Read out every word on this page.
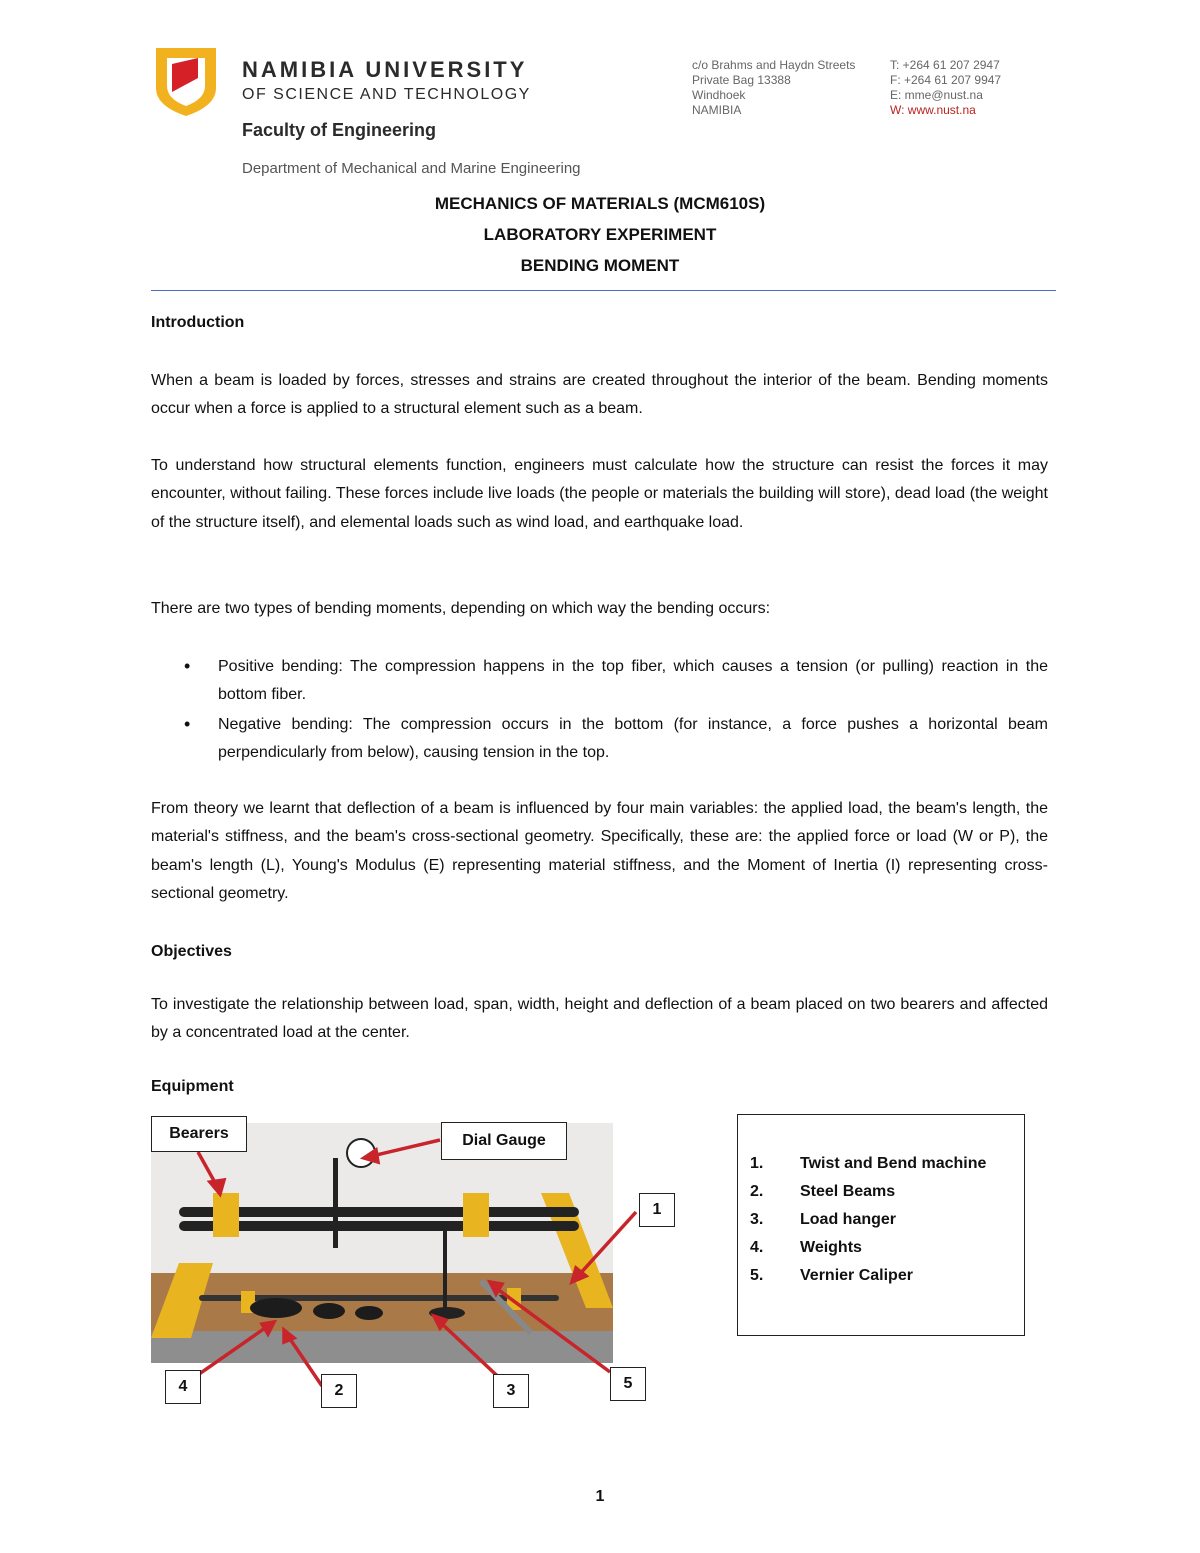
NAMIBIA UNIVERSITY
OF SCIENCE AND TECHNOLOGY
Faculty of Engineering
Department of Mechanical and Marine Engineering
c/o Brahms and Haydn Streets
Private Bag 13388
Windhoek
NAMIBIA
T: +264 61 207 2947
F: +264 61 207 9947
E: mme@nust.na
W: www.nust.na
MECHANICS OF MATERIALS (MCM610S)
LABORATORY EXPERIMENT
BENDING MOMENT
Introduction
When a beam is loaded by forces, stresses and strains are created throughout the interior of the beam. Bending moments occur when a force is applied to a structural element such as a beam.
To understand how structural elements function, engineers must calculate how the structure can resist the forces it may encounter, without failing. These forces include live loads (the people or materials the building will store), dead load (the weight of the structure itself), and elemental loads such as wind load, and earthquake load.
There are two types of bending moments, depending on which way the bending occurs:
• Positive bending: The compression happens in the top fiber, which causes a tension (or pulling) reaction in the bottom fiber.
• Negative bending: The compression occurs in the bottom (for instance, a force pushes a horizontal beam perpendicularly from below), causing tension in the top.
From theory we learnt that deflection of a beam is influenced by four main variables: the applied load, the beam's length, the material's stiffness, and the beam's cross-sectional geometry. Specifically, these are: the applied force or load (W or P), the beam's length (L), Young's Modulus (E) representing material stiffness, and the Moment of Inertia (I) representing cross-sectional geometry.
Objectives
To investigate the relationship between load, span, width, height and deflection of a beam placed on two bearers and affected by a concentrated load at the center.
Equipment
Bearers	Dial Gauge
1
4	2	3	5
1. Twist and Bend machine
2. Steel Beams
3. Load hanger
4. Weights
5. Vernier Caliper
1
